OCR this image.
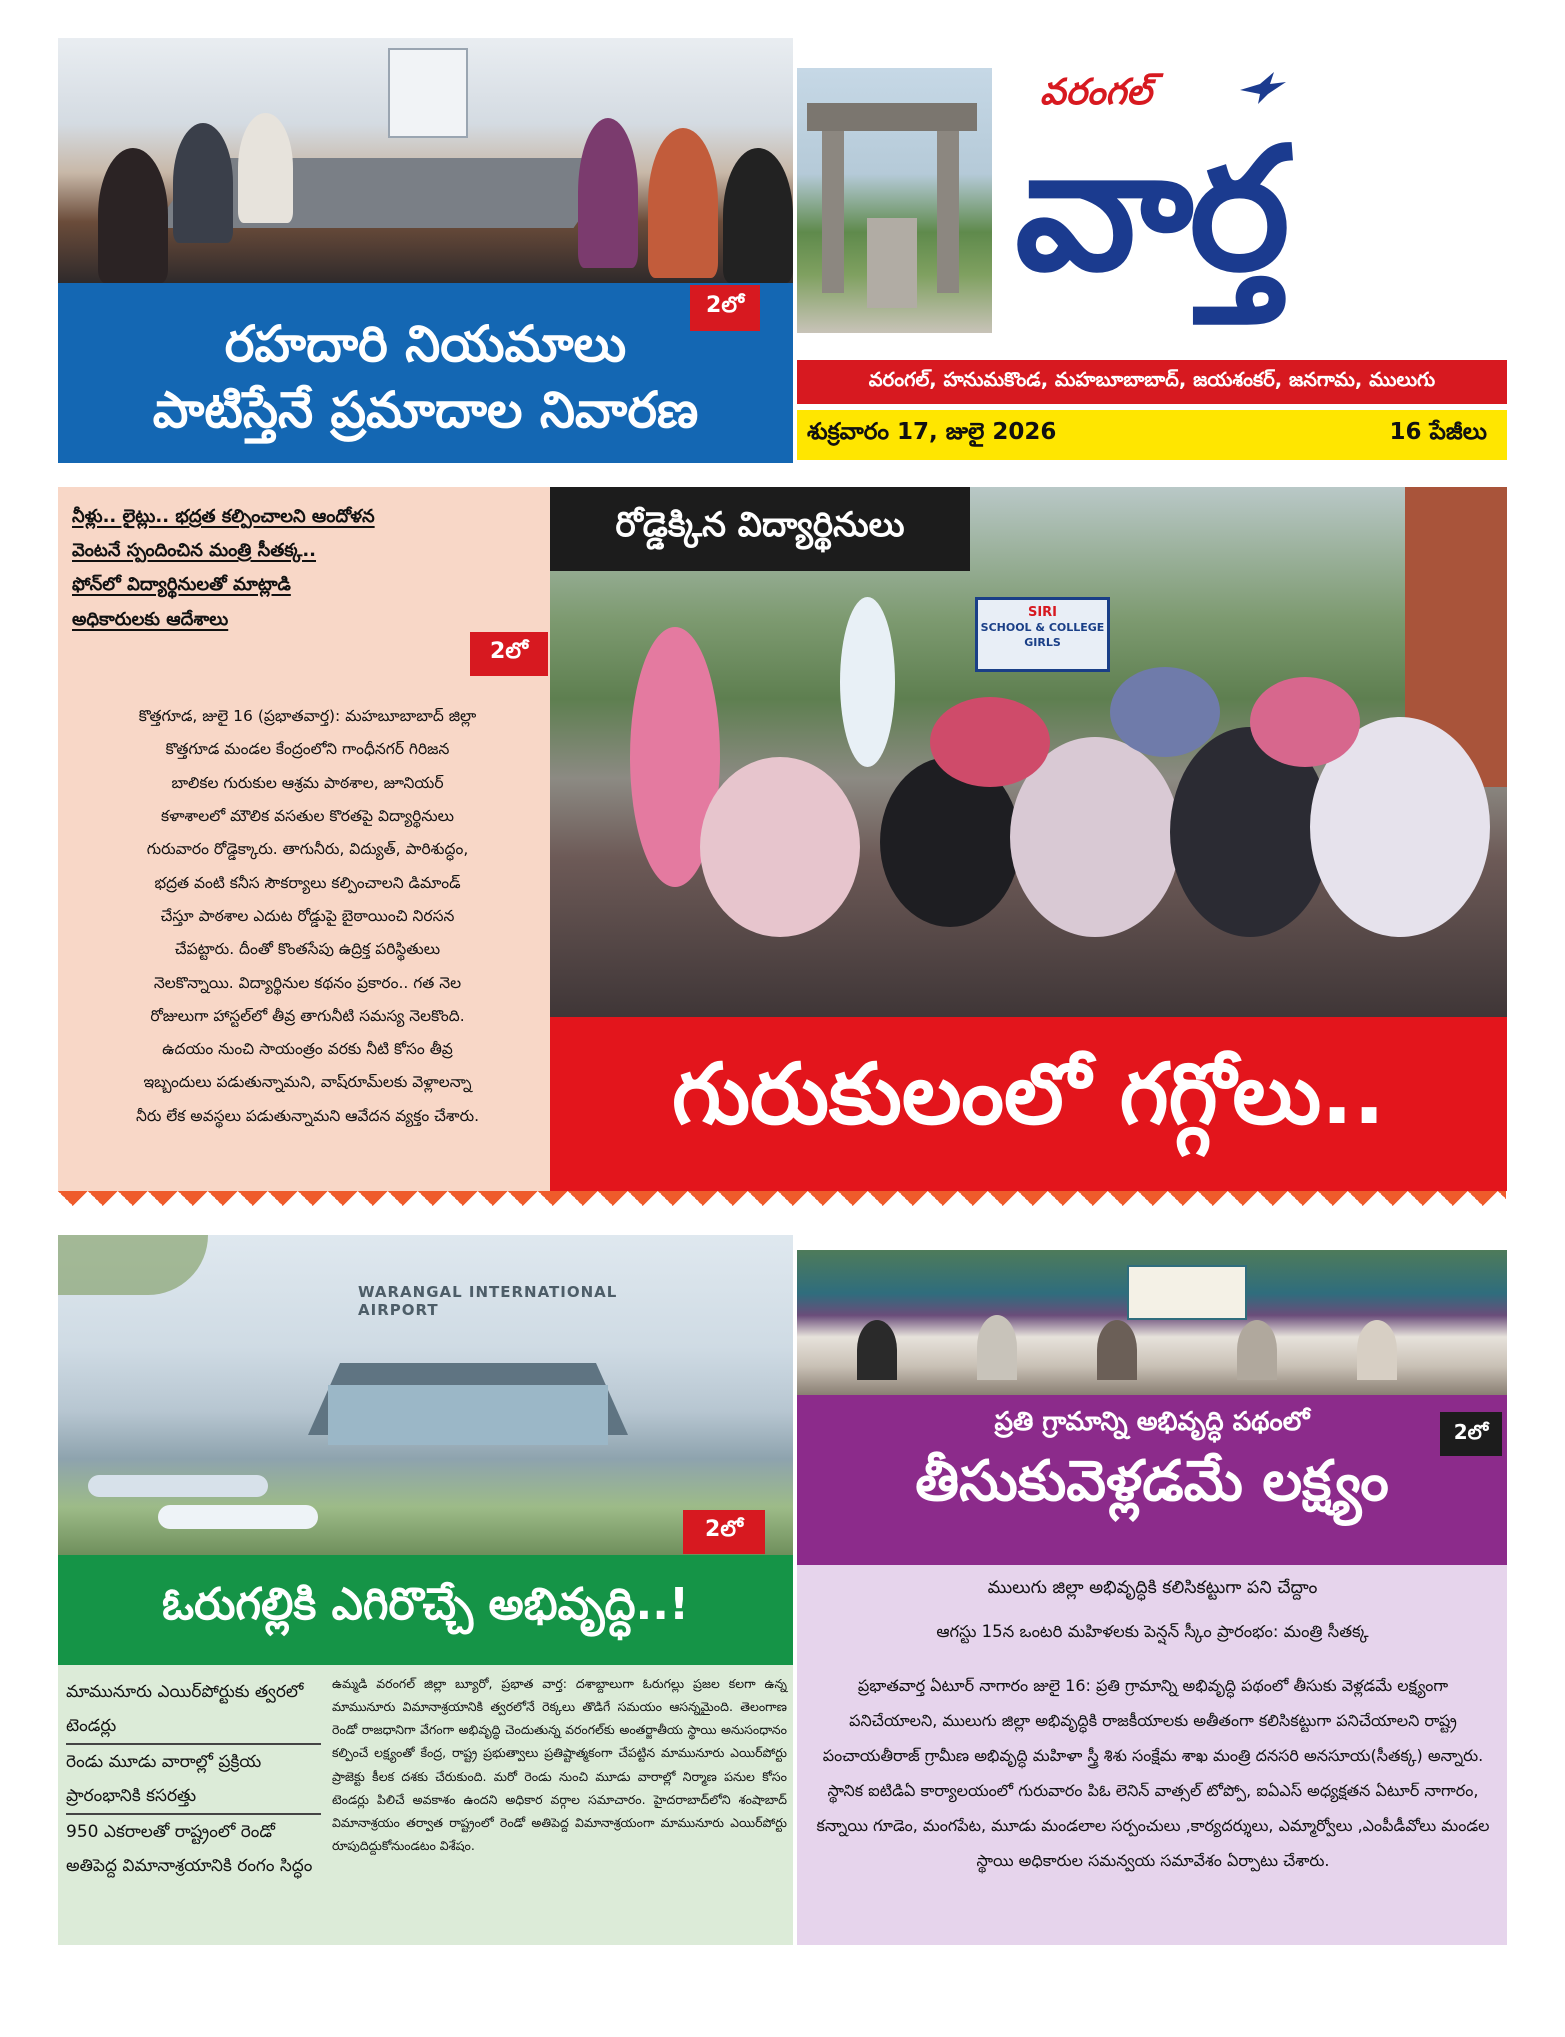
రహదారి నియమాలు
పాటిస్తేనే ప్రమాదాల నివారణ
2లో
వరంగల్
వార్త
వరంగల్, హనుమకొండ, మహబూబాబాద్, జయశంకర్, జనగామ, ములుగు
శుక్రవారం 17, జులై 2026	16 పేజీలు
నీళ్లు.. లైట్లు.. భద్రత కల్పించాలని ఆందోళన
వెంటనే స్పందించిన మంత్రి సీతక్క..
ఫోన్‌లో విద్యార్థినులతో మాట్లాడి
అధికారులకు ఆదేశాలు
2లో
కొత్తగూడ, జులై 16 (ప్రభాతవార్త): మహబూబాబాద్ జిల్లా
కొత్తగూడ మండల కేంద్రంలోని గాంధీనగర్ గిరిజన
బాలికల గురుకుల ఆశ్రమ పాఠశాల, జూనియర్
కళాశాలలో మౌలిక వసతుల కొరతపై విద్యార్థినులు
గురువారం రోడ్డెక్కారు. తాగునీరు, విద్యుత్, పారిశుద్ధం,
భద్రత వంటి కనీస సౌకర్యాలు కల్పించాలని డిమాండ్
చేస్తూ పాఠశాల ఎదుట రోడ్డుపై బైఠాయించి నిరసన
చేపట్టారు. దీంతో కొంతసేపు ఉద్రిక్త పరిస్థితులు
నెలకొన్నాయి. విద్యార్థినుల కథనం ప్రకారం.. గత నెల
రోజులుగా హాస్టల్‌లో తీవ్ర తాగునీటి సమస్య నెలకొంది.
ఉదయం నుంచి సాయంత్రం వరకు నీటి కోసం తీవ్ర
ఇబ్బందులు పడుతున్నామని, వాష్‌రూమ్‌లకు వెళ్లాలన్నా
నీరు లేక అవస్థలు పడుతున్నామని ఆవేదన వ్యక్తం చేశారు.
SIRI
SCHOOL & COLLEGE
GIRLS
రోడ్డెక్కిన విద్యార్థినులు
గురుకులంలో గగ్గోలు..
WARANGAL INTERNATIONAL AIRPORT
2లో
ఓరుగల్లికి ఎగిరొచ్చే అభివృద్ధి..!
మామునూరు ఎయిర్‌పోర్టుకు త్వరలో టెండర్లు
రెండు మూడు వారాల్లో ప్రక్రియ ప్రారంభానికి కసరత్తు
950 ఎకరాలతో రాష్ట్రంలో రెండో అతిపెద్ద విమానాశ్రయానికి రంగం సిద్ధం
ఉమ్మడి వరంగల్ జిల్లా బ్యూరో, ప్రభాత వార్త: దశాబ్దాలుగా ఓరుగల్లు ప్రజల కలగా ఉన్న మామునూరు విమానాశ్రయానికి త్వరలోనే రెక్కలు తొడిగే సమయం ఆసన్నమైంది. తెలంగాణ రెండో రాజధానిగా వేగంగా అభివృద్ధి చెందుతున్న వరంగల్‌కు అంతర్జాతీయ స్థాయి అనుసంధానం కల్పించే లక్ష్యంతో కేంద్ర, రాష్ట్ర ప్రభుత్వాలు ప్రతిష్టాత్మకంగా చేపట్టిన మామునూరు ఎయిర్‌పోర్టు ప్రాజెక్టు కీలక దశకు చేరుకుంది. మరో రెండు నుంచి మూడు వారాల్లో నిర్మాణ పనుల కోసం టెండర్లు పిలిచే అవకాశం ఉందని అధికార వర్గాల సమాచారం. హైదరాబాద్‌లోని శంషాబాద్ విమానాశ్రయం తర్వాత రాష్ట్రంలో రెండో అతిపెద్ద విమానాశ్రయంగా మామునూరు ఎయిర్‌పోర్టు రూపుదిద్దుకోనుండటం విశేషం.
ప్రతి గ్రామాన్ని అభివృద్ధి పథంలో
తీసుకువెళ్లడమే లక్ష్యం
2లో
ములుగు జిల్లా అభివృద్ధికి కలిసికట్టుగా పని చేద్దాం
ఆగస్టు 15న ఒంటరి మహిళలకు పెన్షన్ స్కీం ప్రారంభం: మంత్రి సీతక్క
ప్రభాతవార్త ఏటూర్ నాగారం జులై 16: ప్రతి గ్రామాన్ని అభివృద్ధి పథంలో తీసుకు వెళ్లడమే లక్ష్యంగా పనిచేయాలని, ములుగు జిల్లా అభివృద్ధికి రాజకీయాలకు అతీతంగా కలిసికట్టుగా పనిచేయాలని రాష్ట్ర పంచాయతీరాజ్ గ్రామీణ అభివృద్ధి మహిళా స్త్రీ శిశు సంక్షేమ శాఖ మంత్రి దనసరి అనసూయ(సీతక్క) అన్నారు. స్థానిక ఐటిడిఏ కార్యాలయంలో గురువారం పిఓ లెనిన్ వాత్సల్ టోప్పో, ఐఏఎస్ అధ్యక్షతన ఏటూర్ నాగారం, కన్నాయి గూడెం, మంగపేట, మూడు మండలాల సర్పంచులు ,కార్యదర్శులు, ఎమ్మార్వోలు ,ఎంపీడీవోలు మండల స్థాయి అధికారుల సమన్వయ సమావేశం ఏర్పాటు చేశారు.
